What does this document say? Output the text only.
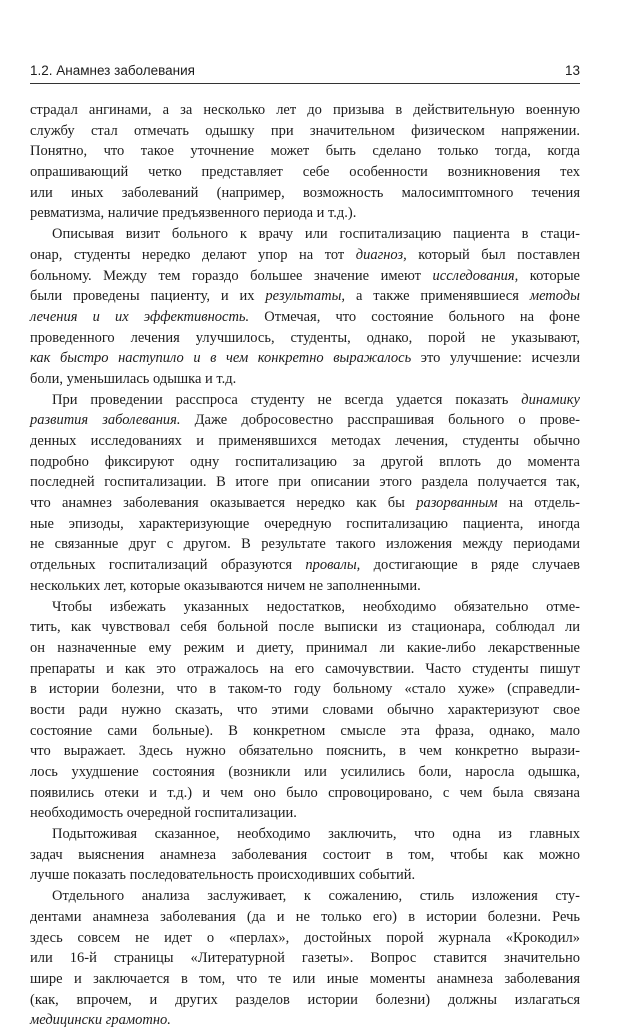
1.2. Анамнез заболевания	13
страдал ангинами, а за несколько лет до призыва в действительную военную
службу стал отмечать одышку при значительном физическом напряжении.
Понятно, что такое уточнение может быть сделано только тогда, когда
опрашивающий четко представляет себе особенности возникновения тех
или иных заболеваний (например, возможность малосимптомного течения
ревматизма, наличие предъязвенного периода и т.д.).
Описывая визит больного к врачу или госпитализацию пациента в стаци-
онар, студенты нередко делают упор на тот диагноз, который был поставлен
больному. Между тем гораздо большее значение имеют исследования, которые
были проведены пациенту, и их результаты, а также применявшиеся методы
лечения и их эффективность. Отмечая, что состояние больного на фоне
проведенного лечения улучшилось, студенты, однако, порой не указывают,
как быстро наступило и в чем конкретно выражалось это улучшение: исчезли
боли, уменьшилась одышка и т.д.
При проведении расспроса студенту не всегда удается показать динамику
развития заболевания. Даже добросовестно расспрашивая больного о прове-
денных исследованиях и применявшихся методах лечения, студенты обычно
подробно фиксируют одну госпитализацию за другой вплоть до момента
последней госпитализации. В итоге при описании этого раздела получается так,
что анамнез заболевания оказывается нередко как бы разорванным на отдель-
ные эпизоды, характеризующие очередную госпитализацию пациента, иногда
не связанные друг с другом. В результате такого изложения между периодами
отдельных госпитализаций образуются провалы, достигающие в ряде случаев
нескольких лет, которые оказываются ничем не заполненными.
Чтобы избежать указанных недостатков, необходимо обязательно отме-
тить, как чувствовал себя больной после выписки из стационара, соблюдал ли
он назначенные ему режим и диету, принимал ли какие-либо лекарственные
препараты и как это отражалось на его самочувствии. Часто студенты пишут
в истории болезни, что в таком-то году больному «стало хуже» (справедли-
вости ради нужно сказать, что этими словами обычно характеризуют свое
состояние сами больные). В конкретном смысле эта фраза, однако, мало
что выражает. Здесь нужно обязательно пояснить, в чем конкретно вырази-
лось ухудшение состояния (возникли или усилились боли, наросла одышка,
появились отеки и т.д.) и чем оно было спровоцировано, с чем была связана
необходимость очередной госпитализации.
Подытоживая сказанное, необходимо заключить, что одна из главных
задач выяснения анамнеза заболевания состоит в том, чтобы как можно
лучше показать последовательность происходивших событий.
Отдельного анализа заслуживает, к сожалению, стиль изложения сту-
дентами анамнеза заболевания (да и не только его) в истории болезни. Речь
здесь совсем не идет о «перлах», достойных порой журнала «Крокодил»
или 16-й страницы «Литературной газеты». Вопрос ставится значительно
шире и заключается в том, что те или иные моменты анамнеза заболевания
(как, впрочем, и других разделов истории болезни) должны излагаться
медицински грамотно.
